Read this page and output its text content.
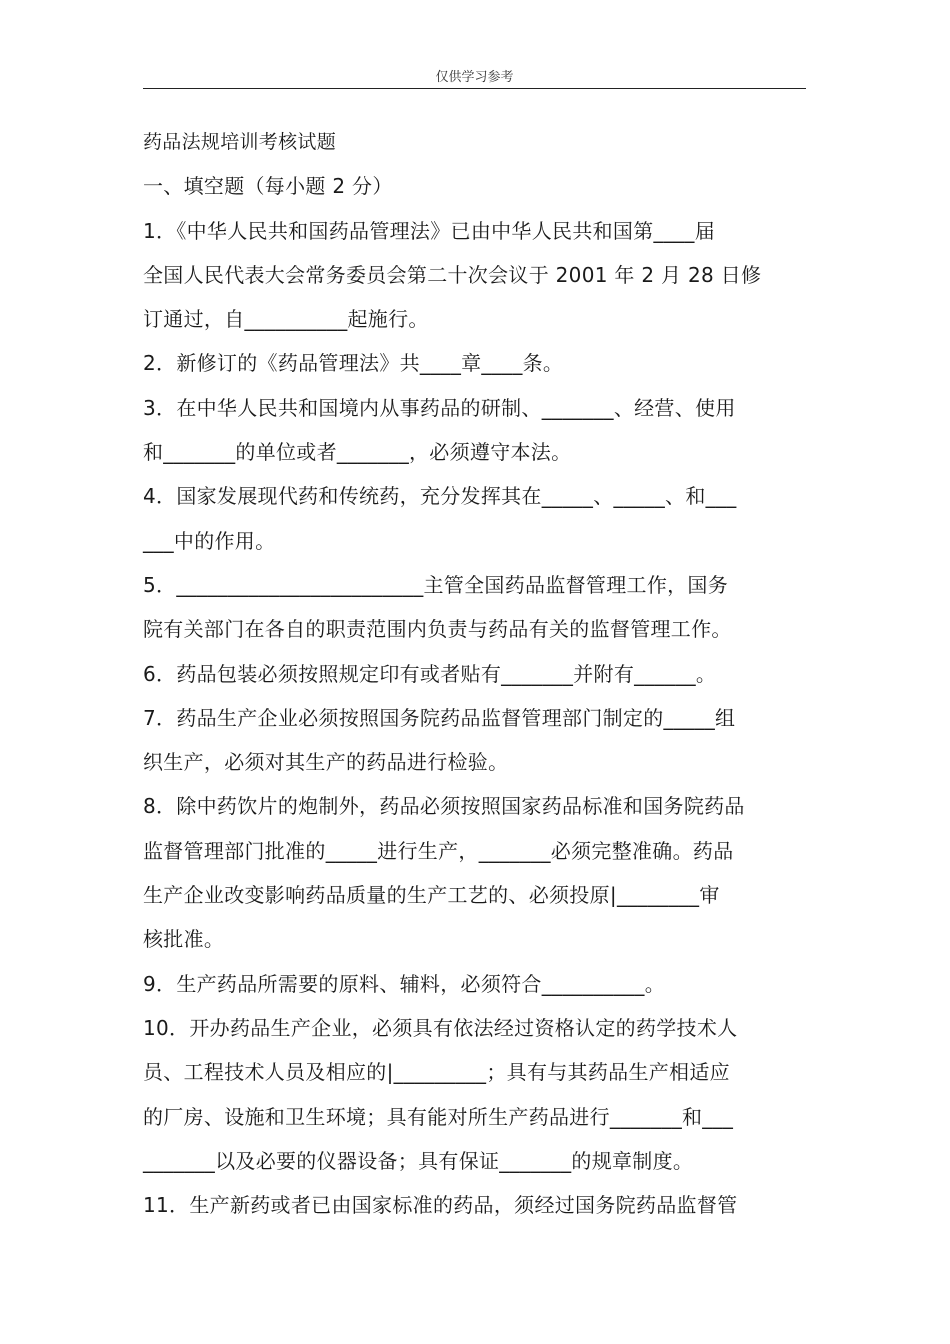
仅供学习参考
药品法规培训考核试题
一、填空题（每小题 2 分）
1．《中华人民共和国药品管理法》已由中华人民共和国第____届
全国人民代表大会常务委员会第二十次会议于 2001 年 2 月 28 日修
订通过，自__________起施行。
2．新修订的《药品管理法》共____章____条。
3．在中华人民共和国境内从事药品的研制、_______、经营、使用
和_______的单位或者_______，必须遵守本法。
4．国家发展现代药和传统药，充分发挥其在_____、_____、和___
___中的作用。
5．________________________主管全国药品监督管理工作，国务
院有关部门在各自的职责范围内负责与药品有关的监督管理工作。
6．药品包装必须按照规定印有或者贴有_______并附有______。
7．药品生产企业必须按照国务院药品监督管理部门制定的_____组
织生产，必须对其生产的药品进行检验。
8．除中药饮片的炮制外，药品必须按照国家药品标准和国务院药品
监督管理部门批准的_____进行生产，_______必须完整准确。药品
生产企业改变影响药品质量的生产工艺的、必须投原|________审
核批准。
9．生产药品所需要的原料、辅料，必须符合__________。
10．开办药品生产企业，必须具有依法经过资格认定的药学技术人
员、工程技术人员及相应的|_________；具有与其药品生产相适应
的厂房、设施和卫生环境；具有能对所生产药品进行_______和___
_______以及必要的仪器设备；具有保证_______的规章制度。
11．生产新药或者已由国家标准的药品，须经过国务院药品监督管
